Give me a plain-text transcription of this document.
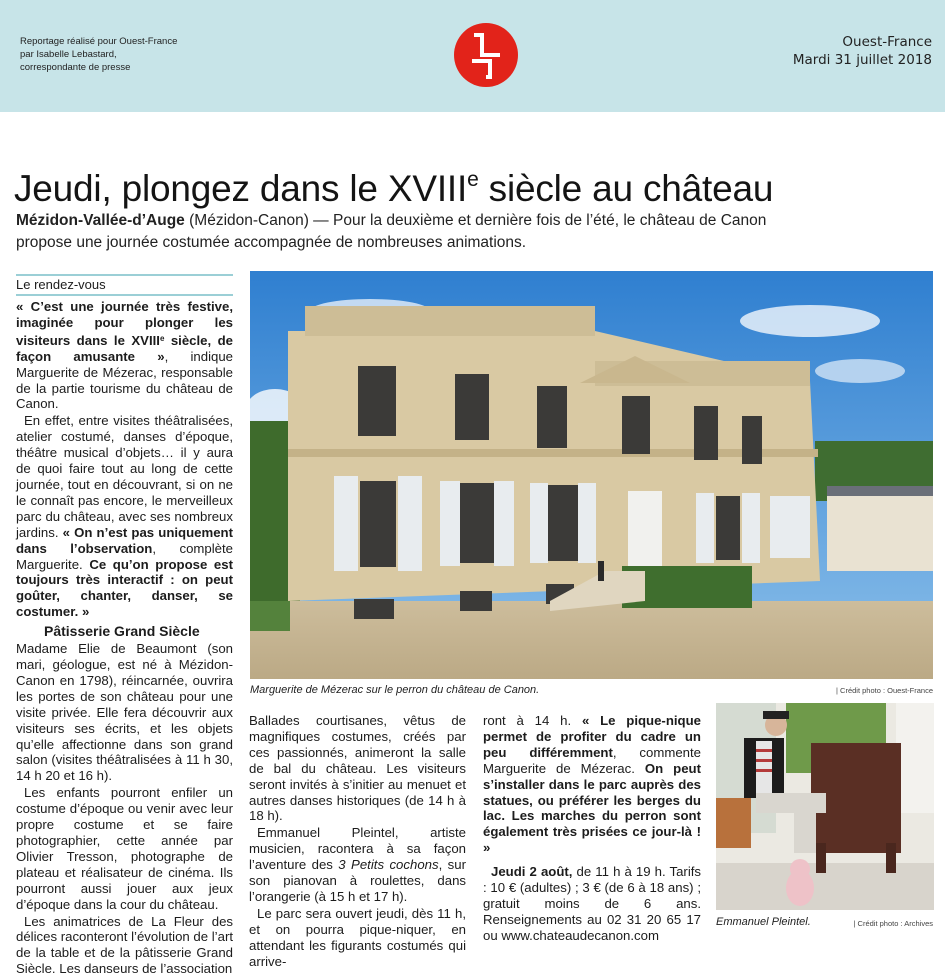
Reportage réalisé pour Ouest-France
par Isabelle Lebastard,
correspondante de presse
Ouest-France
Mardi 31 juillet 2018
Jeudi, plongez dans le XVIIIe siècle au château
Mézidon-Vallée-d’Auge (Mézidon-Canon) — Pour la deuxième et dernière fois de l’été, le château de Canon propose une journée costumée accompagnée de nombreuses animations.
Le rendez-vous

« C’est une journée très festive, imaginée pour plonger les visiteurs dans le XVIIIe siècle, de façon amusante », indique Marguerite de Mézerac, responsable de la partie tourisme du château de Canon.

En effet, entre visites théâtralisées, atelier costumé, danses d’époque, théâtre musical d’objets… il y aura de quoi faire tout au long de cette journée, tout en découvrant, si on ne le connaît pas encore, le merveilleux parc du château, avec ses nombreux jardins. « On n’est pas uniquement dans l’observation, complète Marguerite. Ce qu’on propose est toujours très interactif : on peut goûter, chanter, danser, se costumer. »

Pâtisserie Grand Siècle

Madame Elie de Beaumont (son mari, géologue, est né à Mézidon-Canon en 1798), réincarnée, ouvrira les portes de son château pour une visite privée. Elle fera découvrir aux visiteurs ses écrits, et les objets qu’elle affectionne dans son grand salon (visites théâtralisées à 11 h 30, 14 h 20 et 16 h).

Les enfants pourront enfiler un costume d’époque ou venir avec leur propre costume et se faire photographier, cette année par Olivier Tresson, photographe de plateau et réalisateur de cinéma. Ils pourront aussi jouer aux jeux d’époque dans la cour du château.

Les animatrices de La Fleur des délices raconteront l’évolution de l’art de la table et de la pâtisserie Grand Siècle. Les danseurs de l’association

Marguerite de Mézerac sur le perron du château de Canon.	| Crédit photo : Ouest-France

Ballades courtisanes, vêtus de magnifiques costumes, créés par ces passionnés, animeront la salle de bal du château. Les visiteurs seront invités à s’initier au menuet et autres danses historiques (de 14 h à 18 h).

Emmanuel Pleintel, artiste musicien, racontera à sa façon l’aventure des 3 Petits cochons, sur son pianovan à roulettes, dans l’orangerie (à 15 h et 17 h).

Le parc sera ouvert jeudi, dès 11 h, et on pourra pique-niquer, en attendant les figurants costumés qui arrive-

ront à 14 h. « Le pique-nique permet de profiter du cadre un peu différemment, commente Marguerite de Mézerac. On peut s’installer dans le parc auprès des statues, ou préférer les berges du lac. Les marches du perron sont également très prisées ce jour-là ! »

Jeudi 2 août, de 11 h à 19 h. Tarifs : 10 € (adultes) ; 3 € (de 6 à 18 ans) ; gratuit moins de 6 ans. Renseignements au 02 31 20 65 17 ou www.chateaudecanon.com

Emmanuel Pleintel.	| Crédit photo : Archives
